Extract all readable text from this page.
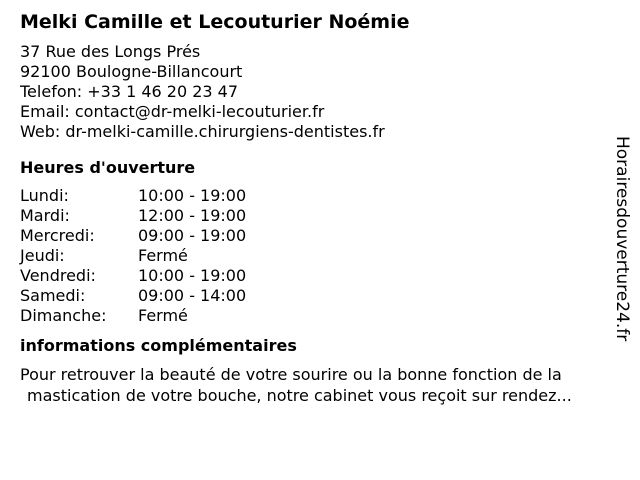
Melki Camille et Lecouturier Noémie
37 Rue des Longs Prés
92100 Boulogne-Billancourt
Telefon: +33 1 46 20 23 47
Email: contact@dr-melki-lecouturier.fr
Web: dr-melki-camille.chirurgiens-dentistes.fr
Heures d'ouverture
Lundi:	10:00 - 19:00
Mardi:	12:00 - 19:00
Mercredi:	09:00 - 19:00
Jeudi:	Fermé
Vendredi:	10:00 - 19:00
Samedi:	09:00 - 14:00
Dimanche:	Fermé
informations complémentaires
Pour retrouver la beauté de votre sourire ou la bonne fonction de la
mastication de votre bouche, notre cabinet vous reçoit sur rendez...
Horairesdouverture24.fr
